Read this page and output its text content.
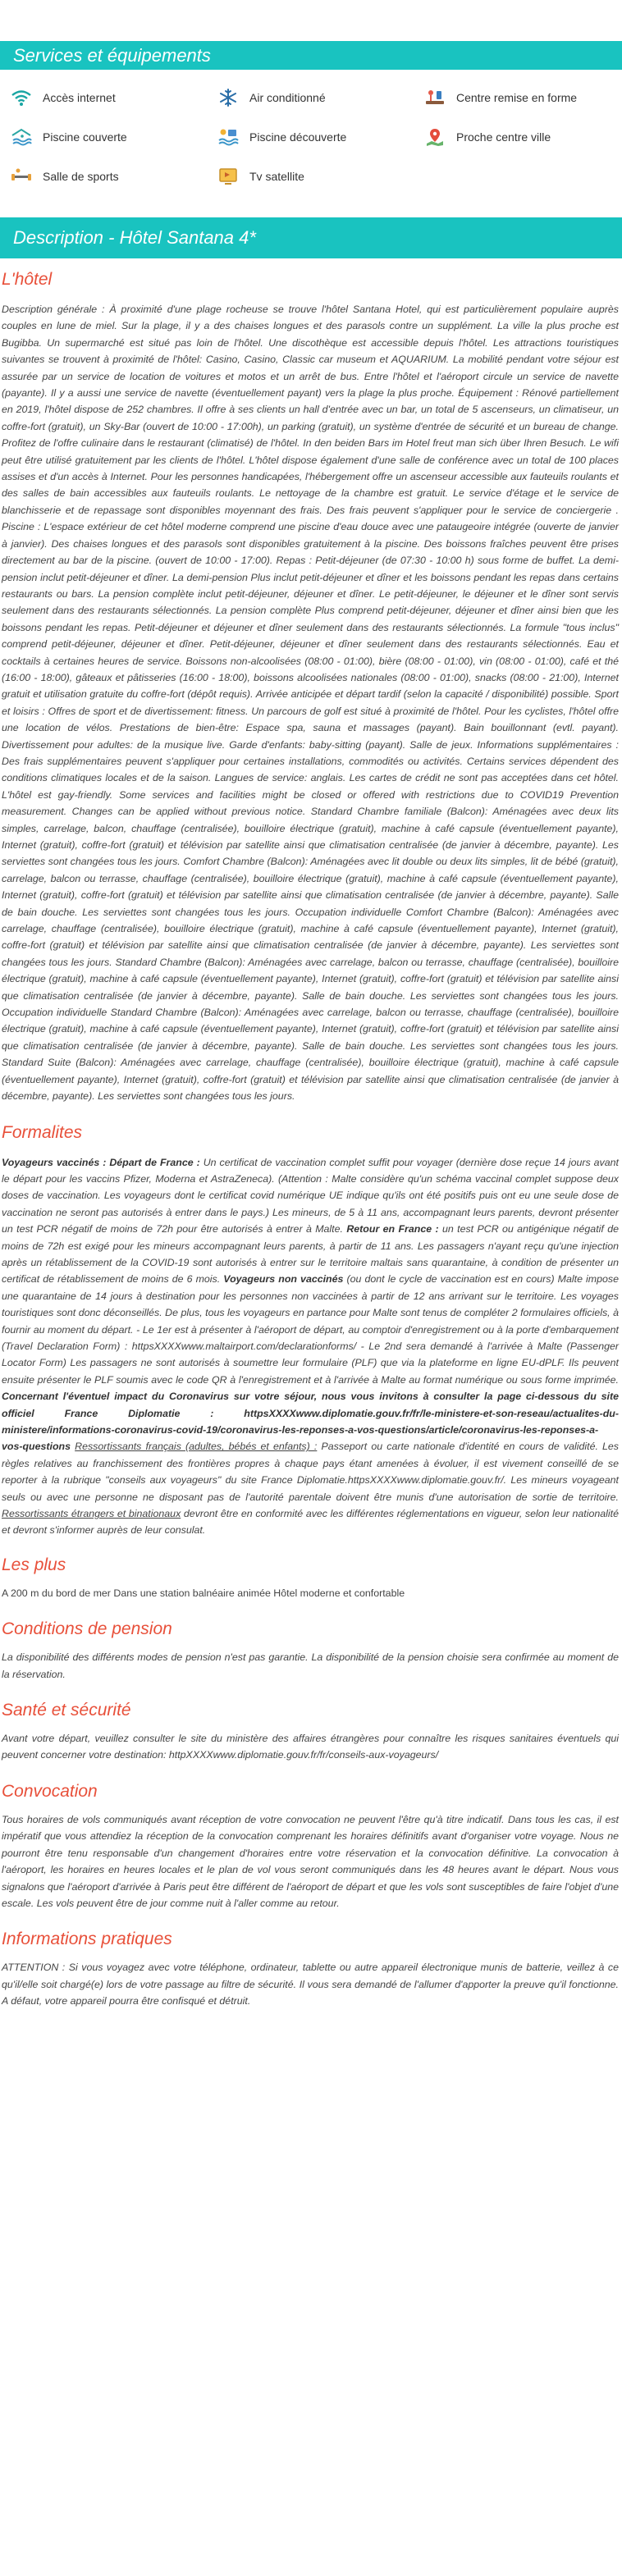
Services et équipements
Accès internet	Air conditionné	Centre remise en forme
Piscine couverte	Piscine découverte	Proche centre ville
Salle de sports	Tv satellite
Description - Hôtel Santana 4*
L'hôtel

Description générale : À proximité d'une plage rocheuse se trouve l'hôtel Santana Hotel, qui est particulièrement populaire auprès couples en lune de miel. Sur la plage, il y a des chaises longues et des parasols contre un supplément. La ville la plus proche est Bugibba. Un supermarché est situé pas loin de l'hôtel. Une discothèque est accessible depuis l'hôtel. Les attractions touristiques suivantes se trouvent à proximité de l'hôtel: Casino, Casino, Classic car museum et AQUARIUM. La mobilité pendant votre séjour est assurée par un service de location de voitures et motos et un arrêt de bus. Entre l'hôtel et l'aéroport circule un service de navette (payante). Il y a aussi une service de navette (éventuellement payant) vers la plage la plus proche. Équipement : Rénové partiellement en 2019, l'hôtel dispose de 252 chambres. Il offre à ses clients un hall d'entrée avec un bar, un total de 5 ascenseurs, un climatiseur, un coffre-fort (gratuit), un Sky-Bar (ouvert de 10:00 - 17:00h), un parking (gratuit), un système d'entrée de sécurité et un bureau de change. Profitez de l'offre culinaire dans le restaurant (climatisé) de l'hôtel. In den beiden Bars im Hotel freut man sich über Ihren Besuch. Le wifi peut être utilisé gratuitement par les clients de l'hôtel. L'hôtel dispose également d'une salle de conférence avec un total de 100 places assises et d'un accès à Internet. Pour les personnes handicapées, l'hébergement offre un ascenseur accessible aux fauteuils roulants et des salles de bain accessibles aux fauteuils roulants. Le nettoyage de la chambre est gratuit. Le service d'étage et le service de blanchisserie et de repassage sont disponibles moyennant des frais. Des frais peuvent s'appliquer pour le service de conciergerie . Piscine : L'espace extérieur de cet hôtel moderne comprend une piscine d'eau douce avec une pataugeoire intégrée (ouverte de janvier à janvier). Des chaises longues et des parasols sont disponibles gratuitement à la piscine. Des boissons fraîches peuvent être prises directement au bar de la piscine. (ouvert de 10:00 - 17:00). Repas : Petit-déjeuner (de 07:30 - 10:00 h) sous forme de buffet. La demi-pension inclut petit-déjeuner et dîner. La demi-pension Plus inclut petit-déjeuner et dîner et les boissons pendant les repas dans certains restaurants ou bars. La pension complète inclut petit-déjeuner, déjeuner et dîner. Le petit-déjeuner, le déjeuner et le dîner sont servis seulement dans des restaurants sélectionnés. La pension complète Plus comprend petit-déjeuner, déjeuner et dîner ainsi bien que les boissons pendant les repas. Petit-déjeuner et déjeuner et dîner seulement dans des restaurants sélectionnés. La formule "tous inclus" comprend petit-déjeuner, déjeuner et dîner. Petit-déjeuner, déjeuner et dîner seulement dans des restaurants sélectionnés. Eau et cocktails à certaines heures de service. Boissons non-alcoolisées (08:00 - 01:00), bière (08:00 - 01:00), vin (08:00 - 01:00), café et thé (16:00 - 18:00), gâteaux et pâtisseries (16:00 - 18:00), boissons alcoolisées nationales (08:00 - 01:00), snacks (08:00 - 21:00), Internet gratuit et utilisation gratuite du coffre-fort (dépôt requis). Arrivée anticipée et départ tardif (selon la capacité / disponibilité) possible. Sport et loisirs : Offres de sport et de divertissement: fitness. Un parcours de golf est situé à proximité de l'hôtel. Pour les cyclistes, l'hôtel offre une location de vélos. Prestations de bien-être: Espace spa, sauna et massages (payant). Bain bouillonnant (evtl. payant). Divertissement pour adultes: de la musique live. Garde d'enfants: baby-sitting (payant). Salle de jeux. Informations supplémentaires : Des frais supplémentaires peuvent s'appliquer pour certaines installations, commodités ou activités. Certains services dépendent des conditions climatiques locales et de la saison. Langues de service: anglais. Les cartes de crédit ne sont pas acceptées dans cet hôtel. L'hôtel est gay-friendly. Some services and facilities might be closed or offered with restrictions due to COVID19 Prevention measurement. Changes can be applied without previous notice. Standard Chambre familiale (Balcon): Aménagées avec deux lits simples, carrelage, balcon, chauffage (centralisée), bouilloire électrique (gratuit), machine à café capsule (éventuellement payante), Internet (gratuit), coffre-fort (gratuit) et télévision par satellite ainsi que climatisation centralisée (de janvier à décembre, payante). Les serviettes sont changées tous les jours. Comfort Chambre (Balcon): Aménagées avec lit double ou deux lits simples, lit de bébé (gratuit), carrelage, balcon ou terrasse, chauffage (centralisée), bouilloire électrique (gratuit), machine à café capsule (éventuellement payante), Internet (gratuit), coffre-fort (gratuit) et télévision par satellite ainsi que climatisation centralisée (de janvier à décembre, payante). Salle de bain douche. Les serviettes sont changées tous les jours. Occupation individuelle Comfort Chambre (Balcon): Aménagées avec carrelage, chauffage (centralisée), bouilloire électrique (gratuit), machine à café capsule (éventuellement payante), Internet (gratuit), coffre-fort (gratuit) et télévision par satellite ainsi que climatisation centralisée (de janvier à décembre, payante). Les serviettes sont changées tous les jours. Standard Chambre (Balcon): Aménagées avec carrelage, balcon ou terrasse, chauffage (centralisée), bouilloire électrique (gratuit), machine à café capsule (éventuellement payante), Internet (gratuit), coffre-fort (gratuit) et télévision par satellite ainsi que climatisation centralisée (de janvier à décembre, payante). Salle de bain douche. Les serviettes sont changées tous les jours. Occupation individuelle Standard Chambre (Balcon): Aménagées avec carrelage, balcon ou terrasse, chauffage (centralisée), bouilloire électrique (gratuit), machine à café capsule (éventuellement payante), Internet (gratuit), coffre-fort (gratuit) et télévision par satellite ainsi que climatisation centralisée (de janvier à décembre, payante). Salle de bain douche. Les serviettes sont changées tous les jours. Standard Suite (Balcon): Aménagées avec carrelage, chauffage (centralisée), bouilloire électrique (gratuit), machine à café capsule (éventuellement payante), Internet (gratuit), coffre-fort (gratuit) et télévision par satellite ainsi que climatisation centralisée (de janvier à décembre, payante). Les serviettes sont changées tous les jours.

Formalites

Voyageurs vaccinés : Départ de France : Un certificat de vaccination complet suffit pour voyager (dernière dose reçue 14 jours avant le départ pour les vaccins Pfizer, Moderna et AstraZeneca). (Attention : Malte considère qu'un schéma vaccinal complet suppose deux doses de vaccination. Les voyageurs dont le certificat covid numérique UE indique qu'ils ont été positifs puis ont eu une seule dose de vaccination ne seront pas autorisés à entrer dans le pays.) Les mineurs, de 5 à 11 ans, accompagnant leurs parents, devront présenter un test PCR négatif de moins de 72h pour être autorisés à entrer à Malte. Retour en France : un test PCR ou antigénique négatif de moins de 72h est exigé pour les mineurs accompagnant leurs parents, à partir de 11 ans. Les passagers n'ayant reçu qu'une injection après un rétablissement de la COVID-19 sont autorisés à entrer sur le territoire maltais sans quarantaine, à condition de présenter un certificat de rétablissement de moins de 6 mois. Voyageurs non vaccinés (ou dont le cycle de vaccination est en cours) Malte impose une quarantaine de 14 jours à destination pour les personnes non vaccinées à partir de 12 ans arrivant sur le territoire. Les voyages touristiques sont donc déconseillés. De plus, tous les voyageurs en partance pour Malte sont tenus de compléter 2 formulaires officiels, à fournir au moment du départ. - Le 1er est à présenter à l'aéroport de départ, au comptoir d'enregistrement ou à la porte d'embarquement (Travel Declaration Form) : httpsXXXXwww.maltairport.com/declarationforms/ - Le 2nd sera demandé à l'arrivée à Malte (Passenger Locator Form) Les passagers ne sont autorisés à soumettre leur formulaire (PLF) que via la plateforme en ligne EU-dPLF. Ils peuvent ensuite présenter le PLF soumis avec le code QR à l'enregistrement et à l'arrivée à Malte au format numérique ou sous forme imprimée. Concernant l'éventuel impact du Coronavirus sur votre séjour, nous vous invitons à consulter la page ci-dessous du site officiel France Diplomatie : httpsXXXXwww.diplomatie.gouv.fr/fr/le-ministere-et-son-reseau/actualites-du-ministere/informations-coronavirus-covid-19/coronavirus-les-reponses-a-vos-questions/article/coronavirus-les-reponses-a-vos-questions Ressortissants français (adultes, bébés et enfants) : Passeport ou carte nationale d'identité en cours de validité. Les règles relatives au franchissement des frontières propres à chaque pays étant amenées à évoluer, il est vivement conseillé de se reporter à la rubrique "conseils aux voyageurs" du site France Diplomatie.httpsXXXXwww.diplomatie.gouv.fr/. Les mineurs voyageant seuls ou avec une personne ne disposant pas de l'autorité parentale doivent être munis d'une autorisation de sortie de territoire. Ressortissants étrangers et binationaux devront être en conformité avec les différentes réglementations en vigueur, selon leur nationalité et devront s'informer auprès de leur consulat.

Les plus

A 200 m du bord de mer Dans une station balnéaire animée Hôtel moderne et confortable

Conditions de pension

La disponibilité des différents modes de pension n'est pas garantie. La disponibilité de la pension choisie sera confirmée au moment de la réservation.

Santé et sécurité

Avant votre départ, veuillez consulter le site du ministère des affaires étrangères pour connaître les risques sanitaires éventuels qui peuvent concerner votre destination: httpXXXXwww.diplomatie.gouv.fr/fr/conseils-aux-voyageurs/

Convocation

Tous horaires de vols communiqués avant réception de votre convocation ne peuvent l'être qu'à titre indicatif. Dans tous les cas, il est impératif que vous attendiez la réception de la convocation comprenant les horaires définitifs avant d'organiser votre voyage. Nous ne pourront être tenu responsable d'un changement d'horaires entre votre réservation et la convocation définitive. La convocation à l'aéroport, les horaires en heures locales et le plan de vol vous seront communiqués dans les 48 heures avant le départ. Nous vous signalons que l'aéroport d'arrivée à Paris peut être différent de l'aéroport de départ et que les vols sont susceptibles de faire l'objet d'une escale. Les vols peuvent être de jour comme nuit à l'aller comme au retour.

Informations pratiques

ATTENTION : Si vous voyagez avec votre téléphone, ordinateur, tablette ou autre appareil électronique munis de batterie, veillez à ce qu'il/elle soit chargé(e) lors de votre passage au filtre de sécurité. Il vous sera demandé de l'allumer d'apporter la preuve qu'il fonctionne. A défaut, votre appareil pourra être confisqué et détruit.
